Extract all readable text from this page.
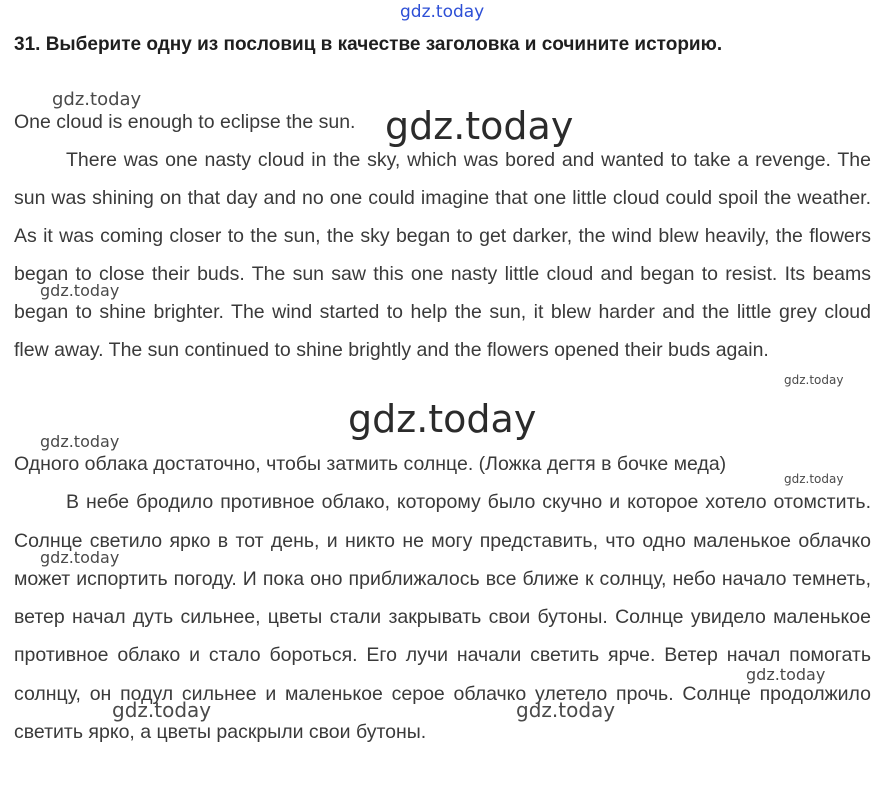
31. Выберите одну из пословиц в качестве заголовка и сочините историю.
One cloud is enough to eclipse the sun.

There was one nasty cloud in the sky, which was bored and wanted to take a revenge. The sun was shining on that day and no one could imagine that one little cloud could spoil the weather. As it was coming closer to the sun, the sky began to get darker, the wind blew heavily, the flowers began to close their buds. The sun saw this one nasty little cloud and began to resist. Its beams began to shine brighter. The wind started to help the sun, it blew harder and the little grey cloud flew away. The sun continued to shine brightly and the flowers opened their buds again.

Одного облака достаточно, чтобы затмить солнце. (Ложка дегтя в бочке меда)

В небе бродило противное облако, которому было скучно и которое хотело отомстить. Солнце светило ярко в тот день, и никто не могу представить, что одно маленькое облачко может испортить погоду. И пока оно приближалось все ближе к солнцу, небо начало темнеть, ветер начал дуть сильнее, цветы стали закрывать свои бутоны. Солнце увидело маленькое противное облако и стало бороться. Его лучи начали светить ярче. Ветер начал помогать солнцу, он подул сильнее и маленькое серое облачко улетело прочь. Солнце продолжило светить ярко, а цветы раскрыли свои бутоны.

gdz.today
gdz.today
gdz.today
gdz.today
gdz.today
gdz.today
gdz.today
gdz.today
gdz.today
gdz.today
gdz.today	gdz.today
